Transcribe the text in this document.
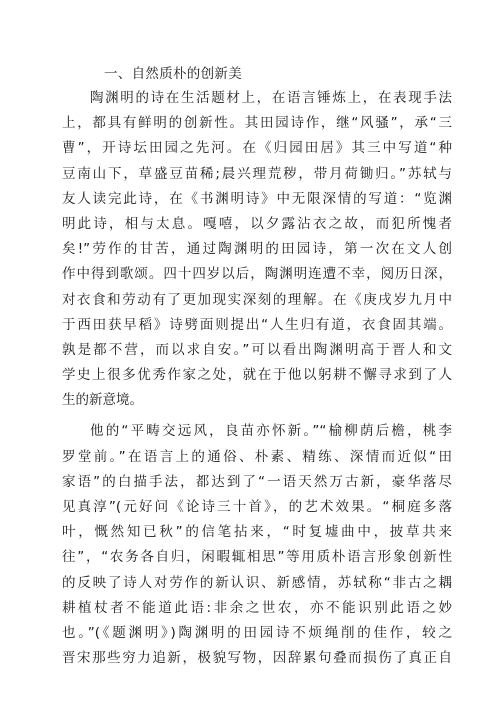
一、自然质朴的创新美
陶渊明的诗在生活题材上，在语言锤炼上，在表现手法
上，都具有鲜明的创新性。其田园诗作，继“风骚”，承“三
曹”，开诗坛田园之先河。在《归园田居》其三中写道“种
豆南山下，草盛豆苗稀;晨兴理荒秽，带月荷锄归。”苏轼与
友人读完此诗，在《书渊明诗》中无限深情的写道：“览渊
明此诗，相与太息。嘎嘻，以夕露沾衣之故，而犯所愧者
矣!”劳作的甘苦，通过陶渊明的田园诗，第一次在文人创
作中得到歌颂。四十四岁以后，陶渊明连遭不幸，阅历日深，
对衣食和劳动有了更加现实深刻的理解。在《庚戌岁九月中
于西田获早稻》诗劈面则提出“人生归有道，衣食固其端。
孰是都不营，而以求自安。”可以看出陶渊明高于晋人和文
学史上很多优秀作家之处，就在于他以躬耕不懈寻求到了人
生的新意境。
他的“平畴交远风，良苗亦怀新。”“榆柳荫后檐，桃李
罗堂前。”在语言上的通俗、朴素、精练、深情而近似“田
家语”的白描手法，都达到了“一语天然万古新，豪华落尽
见真淳”(元好问《论诗三十首》，的艺术效果。“桐庭多落
叶，慨然知已秋”的信笔拈来，“时复墟曲中，披草共来
往”，“农务各自归，闲暇辄相思”等用质朴语言形象创新性
的反映了诗人对劳作的新认识、新感情，苏轼称“非古之耦
耕植杖者不能道此语:非余之世农，亦不能识别此语之妙
也。”(《题渊明》)陶渊明的田园诗不烦绳削的佳作，较之
晋宋那些穷力追新，极貌写物，因辞累句叠而损伤了真正自
